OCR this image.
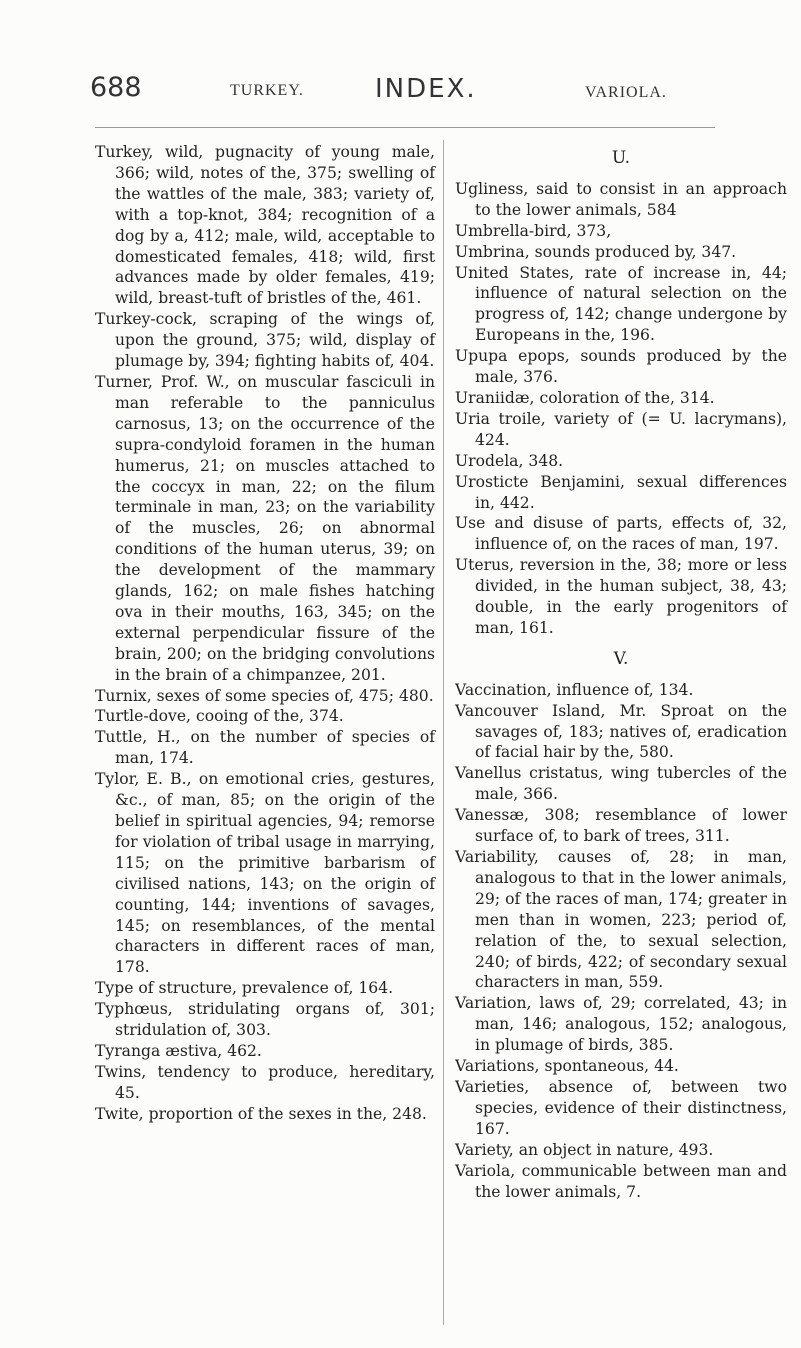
688	TURKEY.	INDEX.	VARIOLA.

Turkey, wild, pugnacity of young male, 366; wild, notes of the, 375; swelling of the wattles of the male, 383; variety of, with a top-knot, 384; recognition of a dog by a, 412; male, wild, acceptable to domesticated females, 418; wild, first advances made by older females, 419; wild, breast-tuft of bristles of the, 461.

Turkey-cock, scraping of the wings of, upon the ground, 375; wild, display of plumage by, 394; fighting habits of, 404.

Turner, Prof. W., on muscular fasciculi in man referable to the panniculus carnosus, 13; on the occurrence of the supra-condyloid foramen in the human humerus, 21; on muscles attached to the coccyx in man, 22; on the filum terminale in man, 23; on the variability of the muscles, 26; on abnormal conditions of the human uterus, 39; on the development of the mammary glands, 162; on male fishes hatching ova in their mouths, 163, 345; on the external perpendicular fissure of the brain, 200; on the bridging convolutions in the brain of a chimpanzee, 201.

Turnix, sexes of some species of, 475; 480.

Turtle-dove, cooing of the, 374.

Tuttle, H., on the number of species of man, 174.

Tylor, E. B., on emotional cries, gestures, &c., of man, 85; on the origin of the belief in spiritual agencies, 94; remorse for violation of tribal usage in marrying, 115; on the primitive barbarism of civilised nations, 143; on the origin of counting, 144; inventions of savages, 145; on resemblances, of the mental characters in different races of man, 178.

Type of structure, prevalence of, 164.

Typhœus, stridulating organs of, 301; stridulation of, 303.

Tyranga æstiva, 462.

Twins, tendency to produce, hereditary, 45.

Twite, proportion of the sexes in the, 248.

U.

Ugliness, said to consist in an approach to the lower animals, 584

Umbrella-bird, 373,

Umbrina, sounds produced by, 347.

United States, rate of increase in, 44; influence of natural selection on the progress of, 142; change undergone by Europeans in the, 196.

Upupa epops, sounds produced by the male, 376.

Uraniidæ, coloration of the, 314.

Uria troile, variety of (= U. lacrymans), 424.

Urodela, 348.

Urosticte Benjamini, sexual differences in, 442.

Use and disuse of parts, effects of, 32, influence of, on the races of man, 197.

Uterus, reversion in the, 38; more or less divided, in the human subject, 38, 43; double, in the early progenitors of man, 161.

V.

Vaccination, influence of, 134.

Vancouver Island, Mr. Sproat on the savages of, 183; natives of, eradication of facial hair by the, 580.

Vanellus cristatus, wing tubercles of the male, 366.

Vanessæ, 308; resemblance of lower surface of, to bark of trees, 311.

Variability, causes of, 28; in man, analogous to that in the lower animals, 29; of the races of man, 174; greater in men than in women, 223; period of, relation of the, to sexual selection, 240; of birds, 422; of secondary sexual characters in man, 559.

Variation, laws of, 29; correlated, 43; in man, 146; analogous, 152; analogous, in plumage of birds, 385.

Variations, spontaneous, 44.

Varieties, absence of, between two species, evidence of their distinctness, 167.

Variety, an object in nature, 493.

Variola, communicable between man and the lower animals, 7.
